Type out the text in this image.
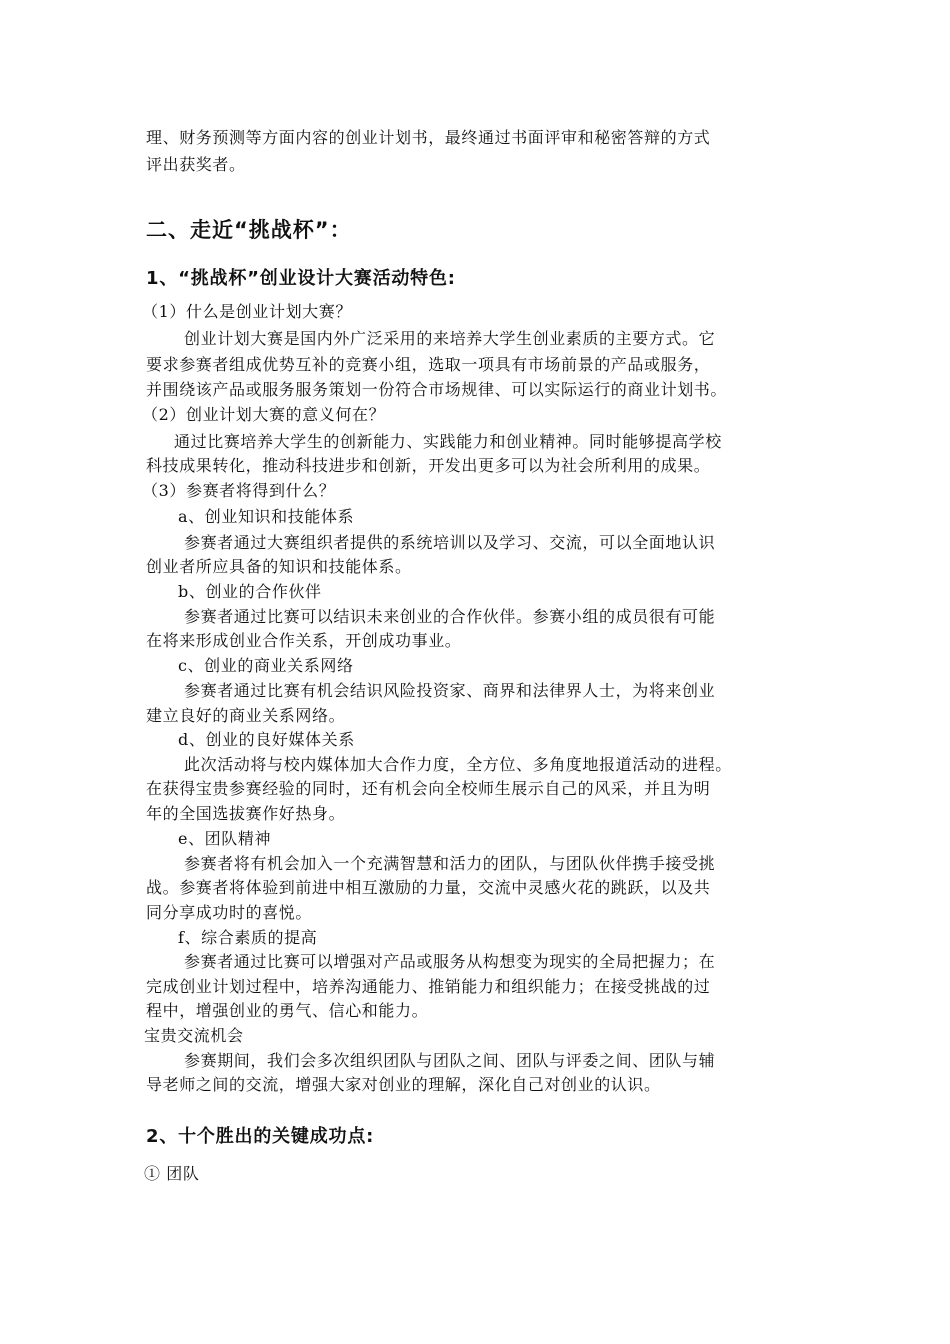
理、财务预测等方面内容的创业计划书，最终通过书面评审和秘密答辩的方式
评出获奖者。
二、走近“挑战杯”：
1、“挑战杯”创业设计大赛活动特色:
（1）什么是创业计划大赛？
创业计划大赛是国内外广泛采用的来培养大学生创业素质的主要方式。它
要求参赛者组成优势互补的竞赛小组，选取一项具有市场前景的产品或服务，
并围绕该产品或服务服务策划一份符合市场规律、可以实际运行的商业计划书。
（2）创业计划大赛的意义何在？
通过比赛培养大学生的创新能力、实践能力和创业精神。同时能够提高学校
科技成果转化，推动科技进步和创新，开发出更多可以为社会所利用的成果。
（3）参赛者将得到什么？
a、创业知识和技能体系
参赛者通过大赛组织者提供的系统培训以及学习、交流，可以全面地认识
创业者所应具备的知识和技能体系。
b、创业的合作伙伴
参赛者通过比赛可以结识未来创业的合作伙伴。参赛小组的成员很有可能
在将来形成创业合作关系，开创成功事业。
c、创业的商业关系网络
参赛者通过比赛有机会结识风险投资家、商界和法律界人士，为将来创业
建立良好的商业关系网络。
d、创业的良好媒体关系
此次活动将与校内媒体加大合作力度，全方位、多角度地报道活动的进程。
在获得宝贵参赛经验的同时，还有机会向全校师生展示自己的风采，并且为明
年的全国选拔赛作好热身。
e、团队精神
参赛者将有机会加入一个充满智慧和活力的团队，与团队伙伴携手接受挑
战。参赛者将体验到前进中相互激励的力量，交流中灵感火花的跳跃，以及共
同分享成功时的喜悦。
f、综合素质的提高
参赛者通过比赛可以增强对产品或服务从构想变为现实的全局把握力；在
完成创业计划过程中，培养沟通能力、推销能力和组织能力；在接受挑战的过
程中，增强创业的勇气、信心和能力。
宝贵交流机会
参赛期间，我们会多次组织团队与团队之间、团队与评委之间、团队与辅
导老师之间的交流，增强大家对创业的理解，深化自己对创业的认识。
2、十个胜出的关键成功点:
① 团队
